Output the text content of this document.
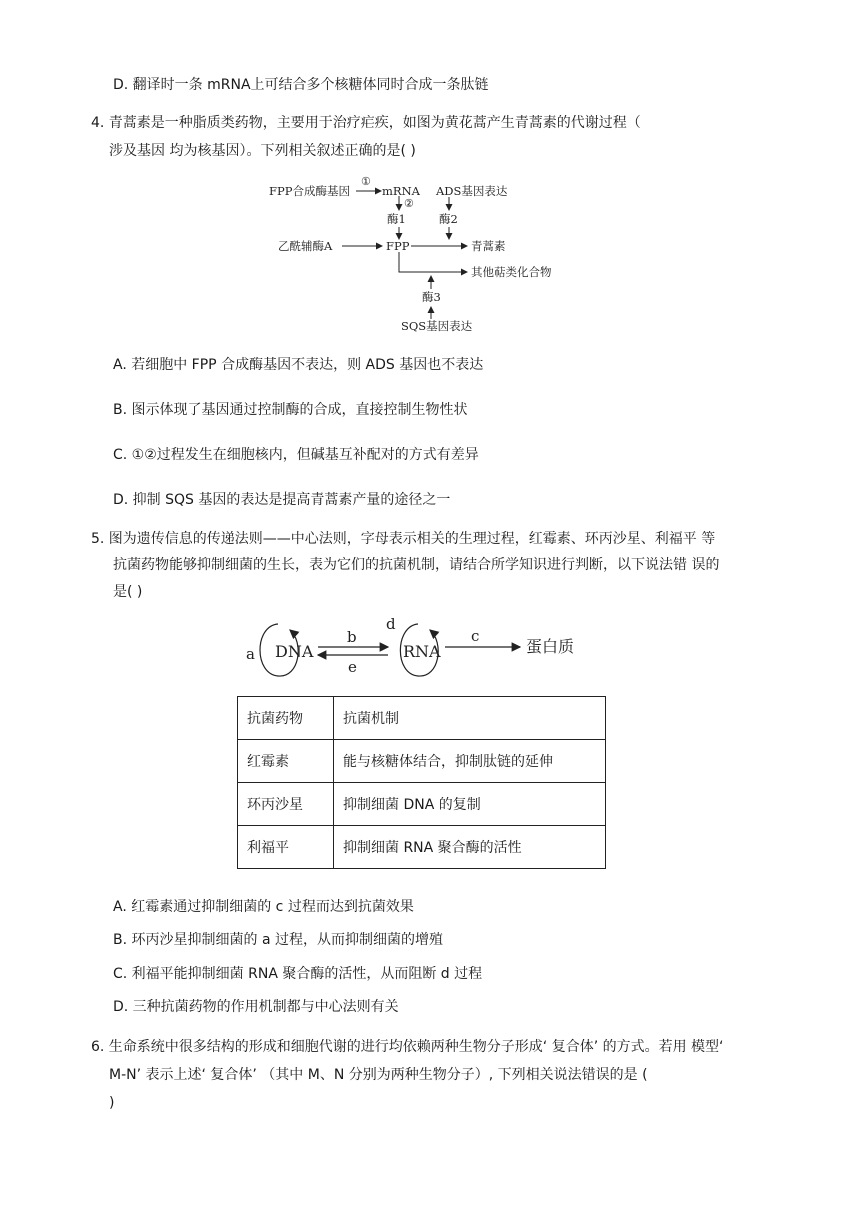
D. 翻译时一条 mRNA上可结合多个核糖体同时合成一条肽链
4. 青蒿素是一种脂质类药物，主要用于治疗疟疾，如图为黄花蒿产生青蒿素的代谢过程（
涉及基因 均为核基因）。下列相关叙述正确的是( )
FPP合成酶基因
①
mRNA
②
ADS基因表达
酶1	酶2
乙酰辅酶A	FPP	青蒿素
其他萜类化合物
酶3
SQS基因表达
A. 若细胞中 FPP 合成酶基因不表达，则 ADS 基因也不表达
B. 图示体现了基因通过控制酶的合成，直接控制生物性状
C. ①②过程发生在细胞核内，但碱基互补配对的方式有差异
D. 抑制 SQS 基因的表达是提高青蒿素产量的途径之一
5. 图为遗传信息的传递法则——中心法则，字母表示相关的生理过程，红霉素、环丙沙星、利福平 等
抗菌药物能够抑制细菌的生长，表为它们的抗菌机制，请结合所学知识进行判断，以下说法错 误的
是( )
a DNA
b
e
d
RNA
c
蛋白质
抗菌药物	抗菌机制
红霉素	能与核糖体结合，抑制肽链的延伸
环丙沙星	抑制细菌 DNA 的复制
利福平	抑制细菌 RNA 聚合酶的活性
A. 红霉素通过抑制细菌的 c 过程而达到抗菌效果
B. 环丙沙星抑制细菌的 a 过程，从而抑制细菌的增殖
C. 利福平能抑制细菌 RNA 聚合酶的活性，从而阻断 d 过程
D. 三种抗菌药物的作用机制都与中心法则有关
6. 生命系统中很多结构的形成和细胞代谢的进行均依赖两种生物分子形成‘ 复合体’ 的方式。若用 模型‘
M-N’ 表示上述‘ 复合体’ （其中 M、N 分别为两种生物分子）, 下列相关说法错误的是 (
)
